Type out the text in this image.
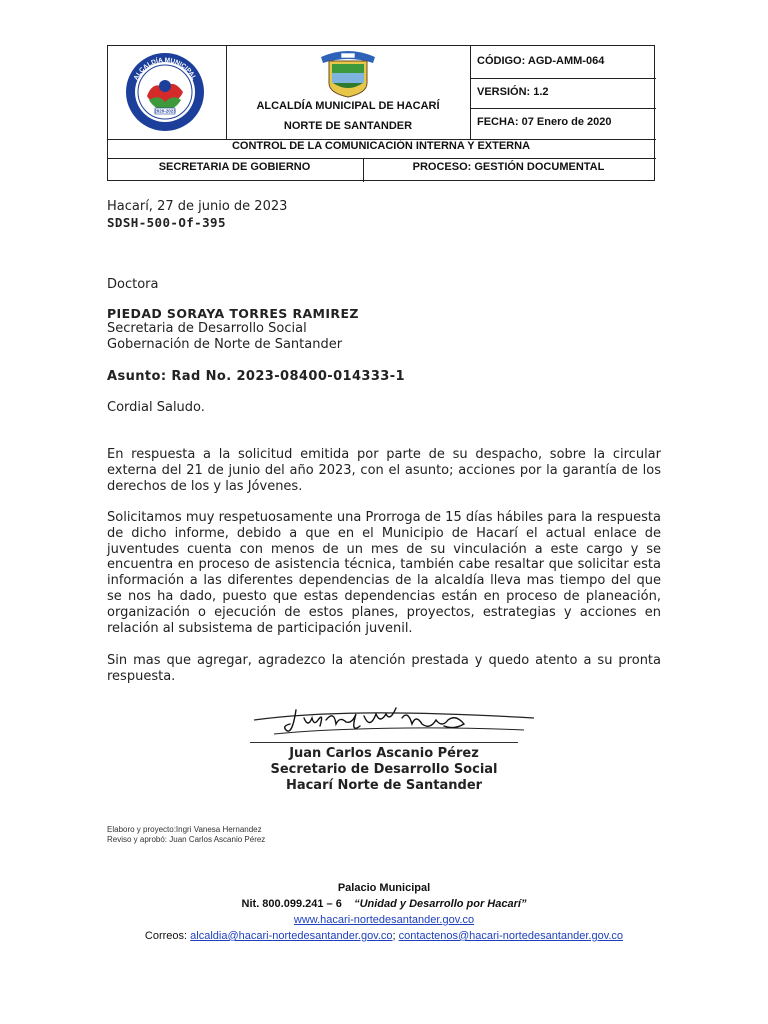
2020-2023
ALCALDÍA MUNICIPAL
ALCALDÍA MUNICIPAL DE HACARÍ
NORTE DE SANTANDER
CÓDIGO: AGD-AMM-064
VERSIÓN: 1.2
FECHA: 07 Enero de 2020
CONTROL DE LA COMUNICACIÓN INTERNA Y EXTERNA
SECRETARIA DE GOBIERNO	PROCESO: GESTIÓN DOCUMENTAL
Hacarí, 27 de junio de 2023
SDSH-500-Of-395
Doctora
PIEDAD SORAYA TORRES RAMIREZ
Secretaria de Desarrollo Social
Gobernación de Norte de Santander
Asunto: Rad No. 2023-08400-014333-1
Cordial Saludo.
En respuesta a la solicitud emitida por parte de su despacho, sobre la circular externa del 21 de junio del año 2023, con el asunto; acciones por la garantía de los derechos de los y las Jóvenes.
Solicitamos muy respetuosamente una Prorroga de 15 días hábiles para la respuesta de dicho informe, debido a que en el Municipio de Hacarí el actual enlace de juventudes cuenta con menos de un mes de su vinculación a este cargo y se encuentra en proceso de asistencia técnica, también cabe resaltar que solicitar esta información a las diferentes dependencias de la alcaldía lleva mas tiempo del que se nos ha dado, puesto que estas dependencias están en proceso de planeación, organización o ejecución de estos planes, proyectos, estrategias y acciones en relación al subsistema de participación juvenil.
Sin mas que agregar, agradezco la atención prestada y quedo atento a su pronta respuesta.
Juan Carlos Ascanio Pérez
Secretario de Desarrollo Social
Hacarí Norte de Santander
Elaboro y proyecto:Ingri Vanesa Hernandez
Reviso y aprobó: Juan Carlos Ascanio Pérez
Palacio Municipal
Nit. 800.099.241 – 6 “Unidad y Desarrollo por Hacarí”
www.hacari-nortedesantander.gov.co
Correos: alcaldia@hacari-nortedesantander.gov.co; contactenos@hacari-nortedesantander.gov.co
